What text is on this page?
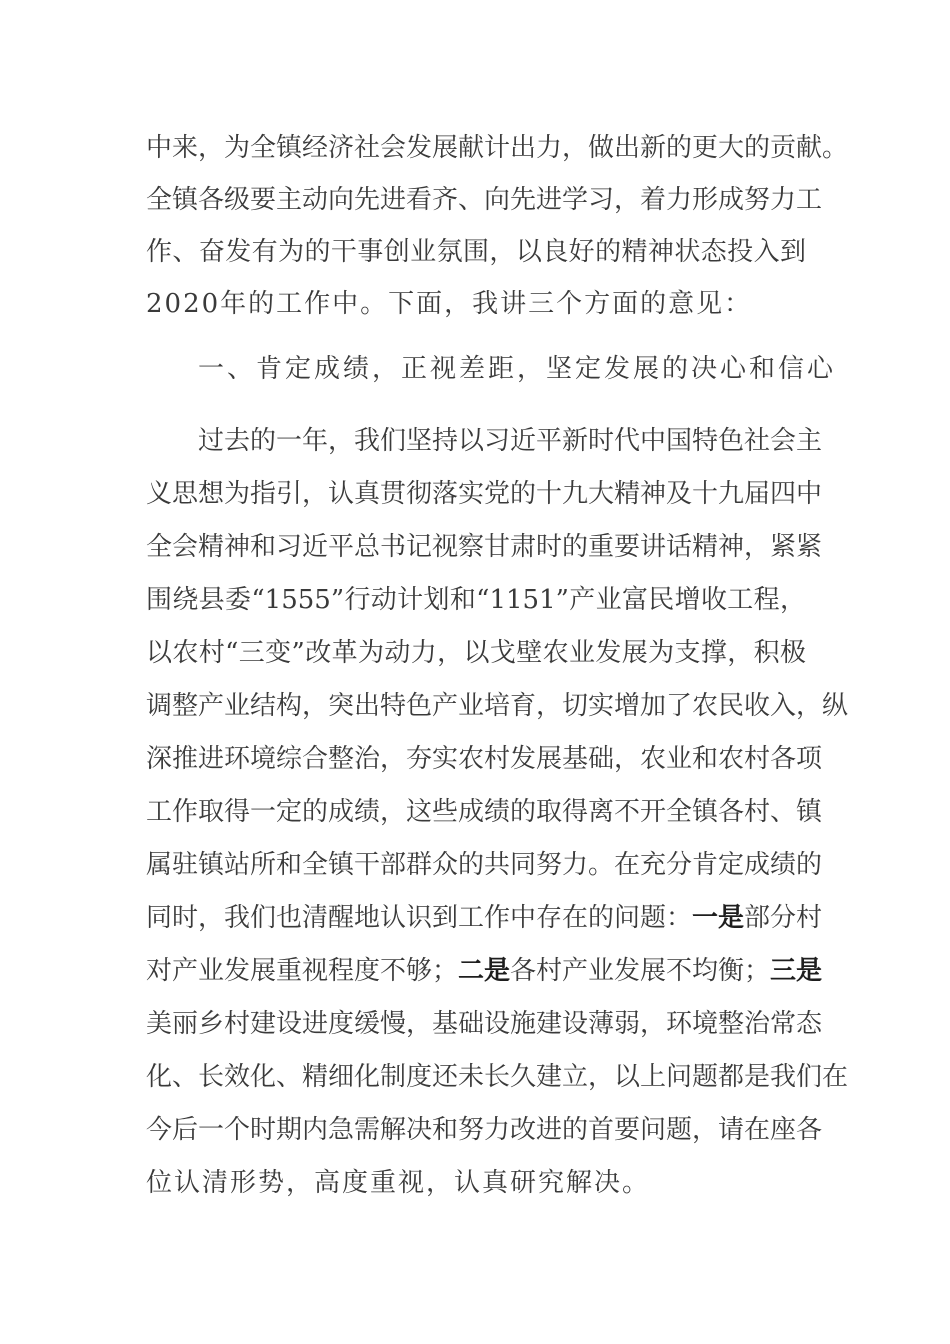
中来，为全镇经济社会发展献计出力，做出新的更大的贡献。
全镇各级要主动向先进看齐、向先进学习，着力形成努力工
作、奋发有为的干事创业氛围，以良好的精神状态投入到
2020年的工作中。下面，我讲三个方面的意见：
一、肯定成绩，正视差距，坚定发展的决心和信心
过去的一年，我们坚持以习近平新时代中国特色社会主
义思想为指引，认真贯彻落实党的十九大精神及十九届四中
全会精神和习近平总书记视察甘肃时的重要讲话精神，紧紧
围绕县委“1555”行动计划和“1151”产业富民增收工程，
以农村“三变”改革为动力，以戈壁农业发展为支撑，积极
调整产业结构，突出特色产业培育，切实增加了农民收入，纵
深推进环境综合整治，夯实农村发展基础，农业和农村各项
工作取得一定的成绩，这些成绩的取得离不开全镇各村、镇
属驻镇站所和全镇干部群众的共同努力。在充分肯定成绩的
同时，我们也清醒地认识到工作中存在的问题：一是部分村
对产业发展重视程度不够；二是各村产业发展不均衡；三是
美丽乡村建设进度缓慢，基础设施建设薄弱，环境整治常态
化、长效化、精细化制度还未长久建立，以上问题都是我们在
今后一个时期内急需解决和努力改进的首要问题，请在座各
位认清形势，高度重视，认真研究解决。
